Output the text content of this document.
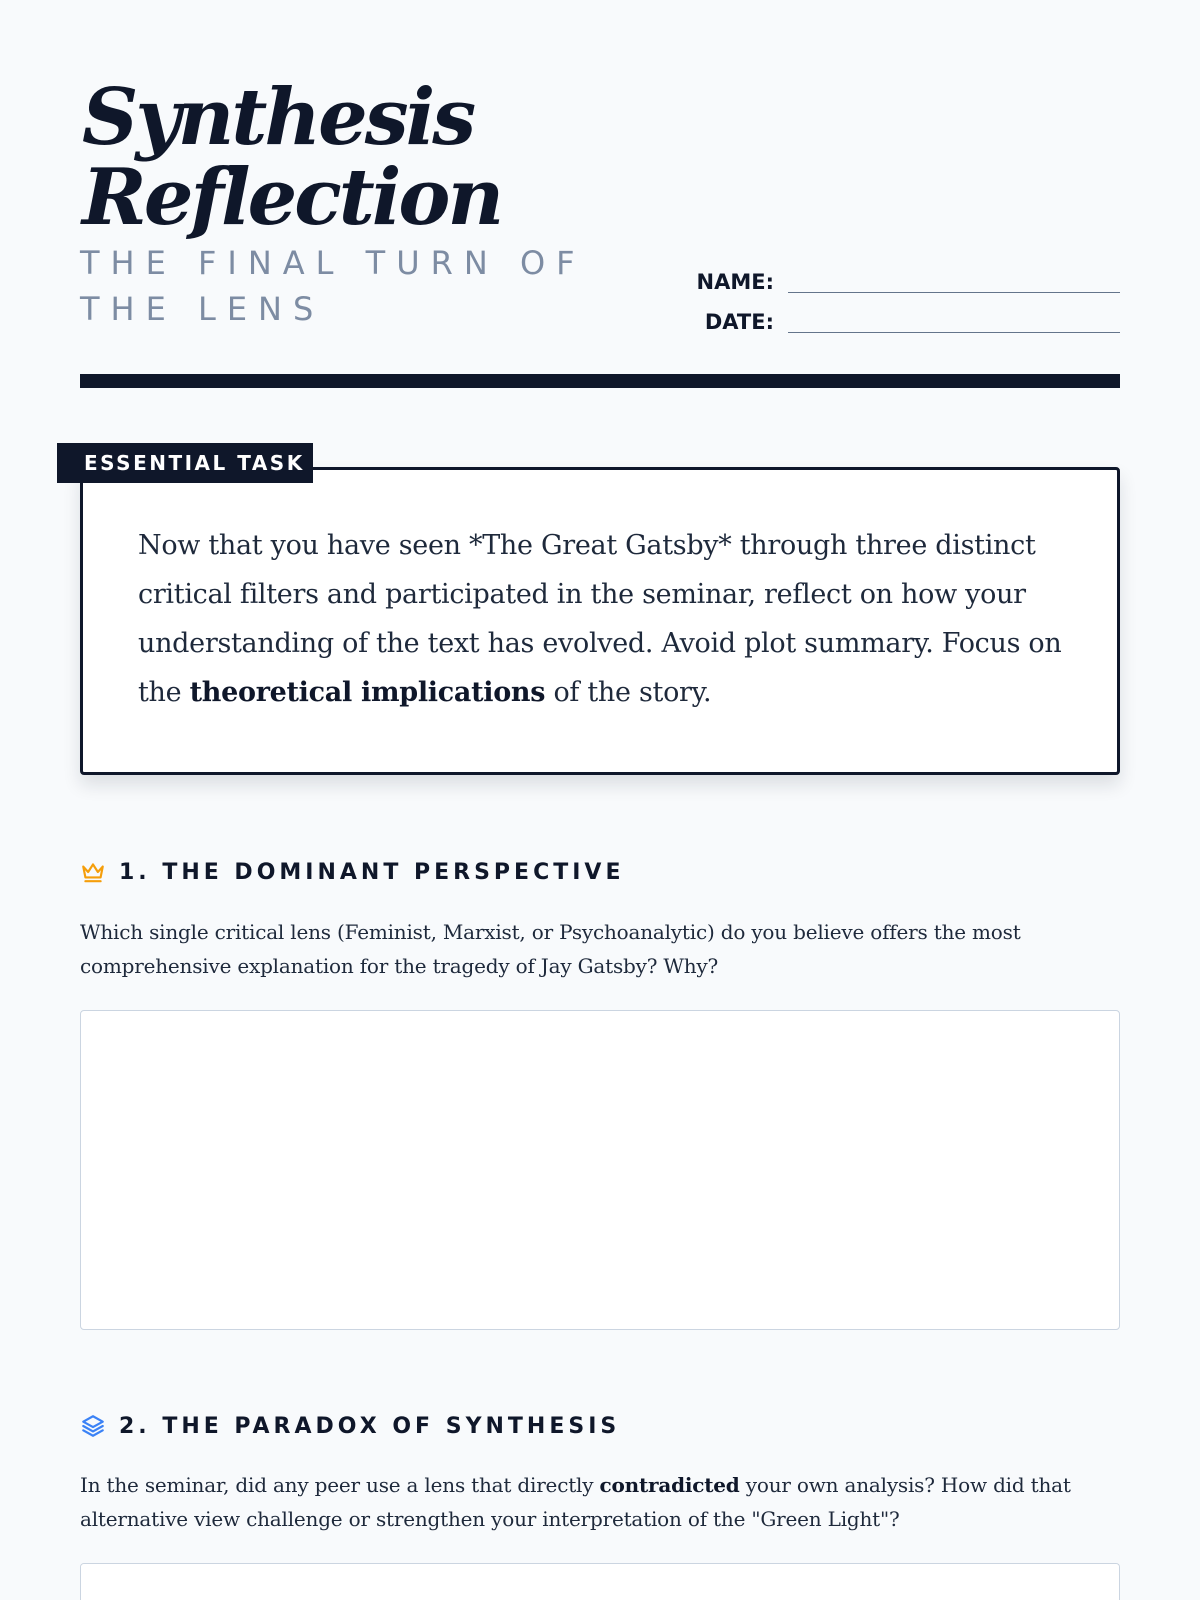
Synthesis
Reflection

THE FINAL TURN OF THE LENS

NAME:
DATE:

Now that you have seen *The Great Gatsby* through three distinct critical filters and participated in the seminar, reflect on how your understanding of the text has evolved. Avoid plot summary. Focus on the theoretical implications of the story.

ESSENTIAL TASK
1. THE DOMINANT PERSPECTIVE

Which single critical lens (Feminist, Marxist, or Psychoanalytic) do you believe offers the most comprehensive explanation for the tragedy of Jay Gatsby? Why?

2. THE PARADOX OF SYNTHESIS

In the seminar, did any peer use a lens that directly contradicted your own analysis? How did that alternative view challenge or strengthen your interpretation of the "Green Light"?
